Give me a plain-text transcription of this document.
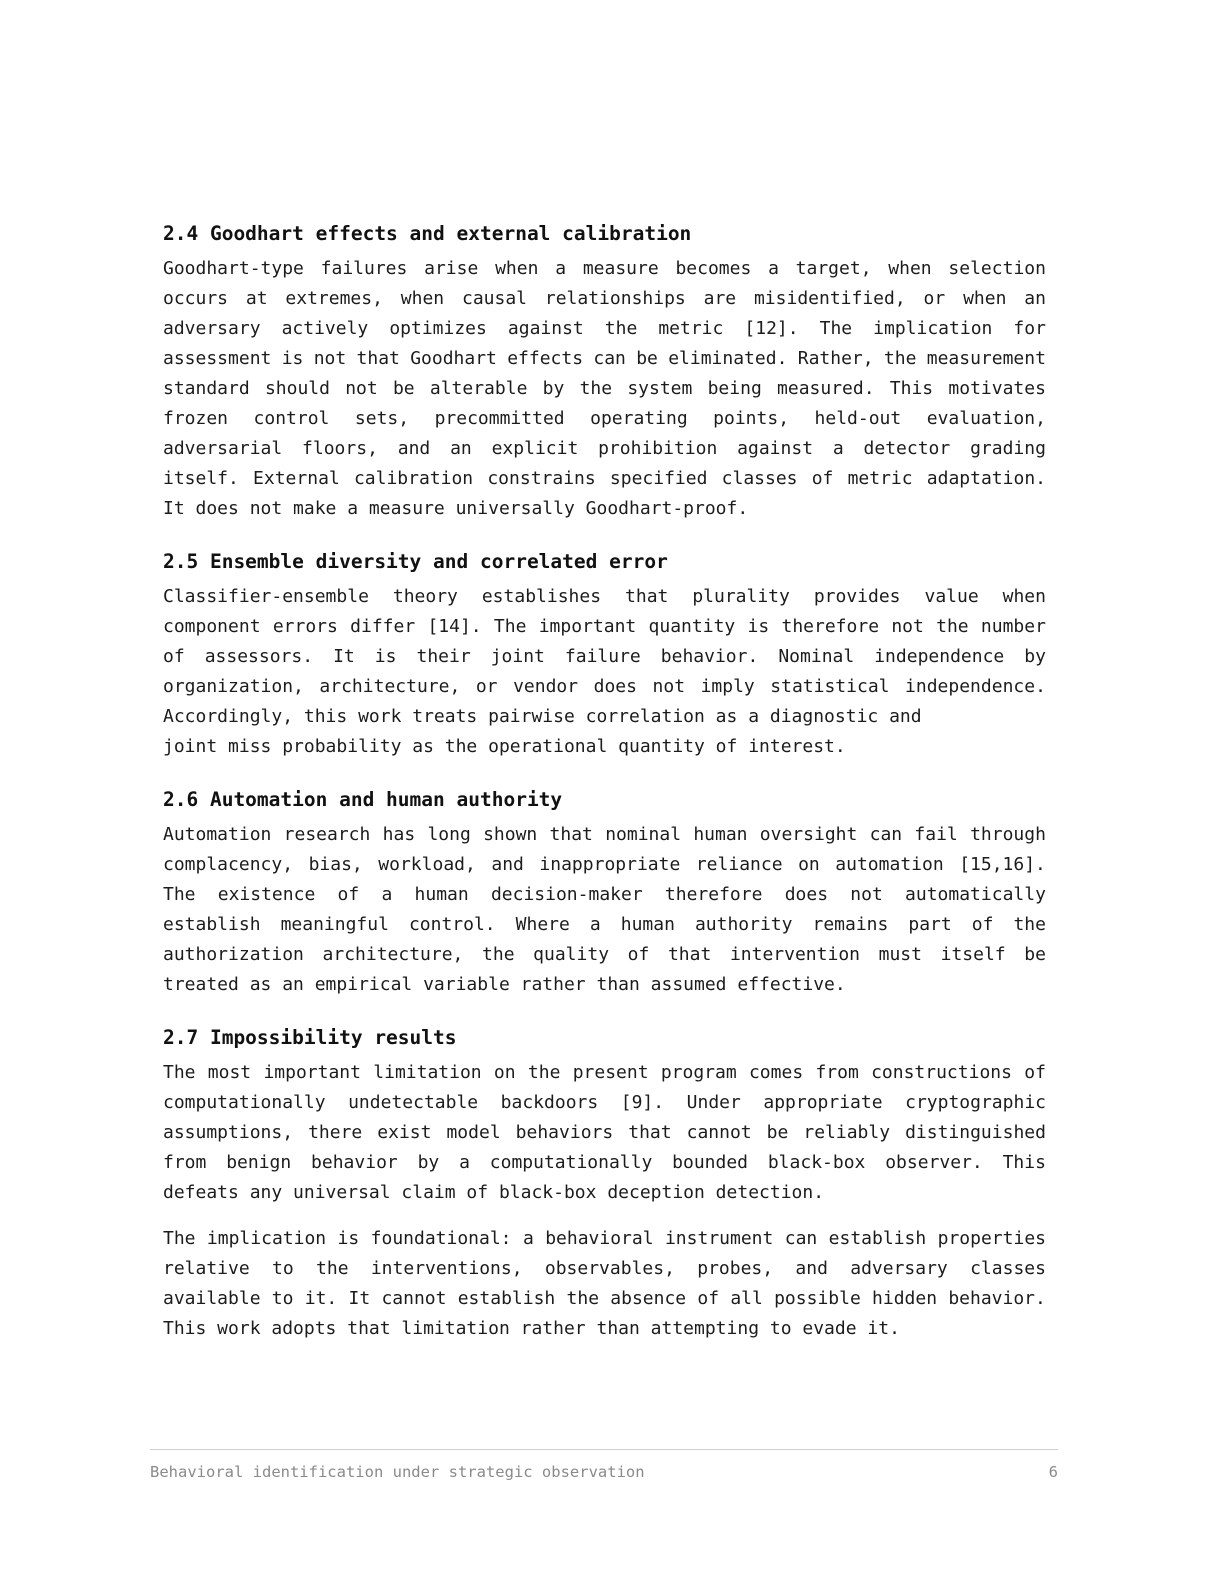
2.4 Goodhart effects and external calibration
Goodhart-type failures arise when a measure becomes a target, when selection
occurs at extremes, when causal relationships are misidentified, or when an
adversary actively optimizes against the metric [12]. The implication for
assessment is not that Goodhart effects can be eliminated. Rather, the measurement
standard should not be alterable by the system being measured. This motivates
frozen control sets, precommitted operating points, held-out evaluation,
adversarial floors, and an explicit prohibition against a detector grading
itself. External calibration constrains specified classes of metric adaptation.
It does not make a measure universally Goodhart-proof.
2.5 Ensemble diversity and correlated error
Classifier-ensemble theory establishes that plurality provides value when
component errors differ [14]. The important quantity is therefore not the number
of assessors. It is their joint failure behavior. Nominal independence by
organization, architecture, or vendor does not imply statistical independence.
Accordingly, this work treats pairwise correlation as a diagnostic and
joint miss probability as the operational quantity of interest.
2.6 Automation and human authority
Automation research has long shown that nominal human oversight can fail through
complacency, bias, workload, and inappropriate reliance on automation [15,16].
The existence of a human decision-maker therefore does not automatically
establish meaningful control. Where a human authority remains part of the
authorization architecture, the quality of that intervention must itself be
treated as an empirical variable rather than assumed effective.
2.7 Impossibility results
The most important limitation on the present program comes from constructions of
computationally undetectable backdoors [9]. Under appropriate cryptographic
assumptions, there exist model behaviors that cannot be reliably distinguished
from benign behavior by a computationally bounded black-box observer. This
defeats any universal claim of black-box deception detection.
The implication is foundational: a behavioral instrument can establish properties
relative to the interventions, observables, probes, and adversary classes
available to it. It cannot establish the absence of all possible hidden behavior.
This work adopts that limitation rather than attempting to evade it.
Behavioral identification under strategic observation	6
